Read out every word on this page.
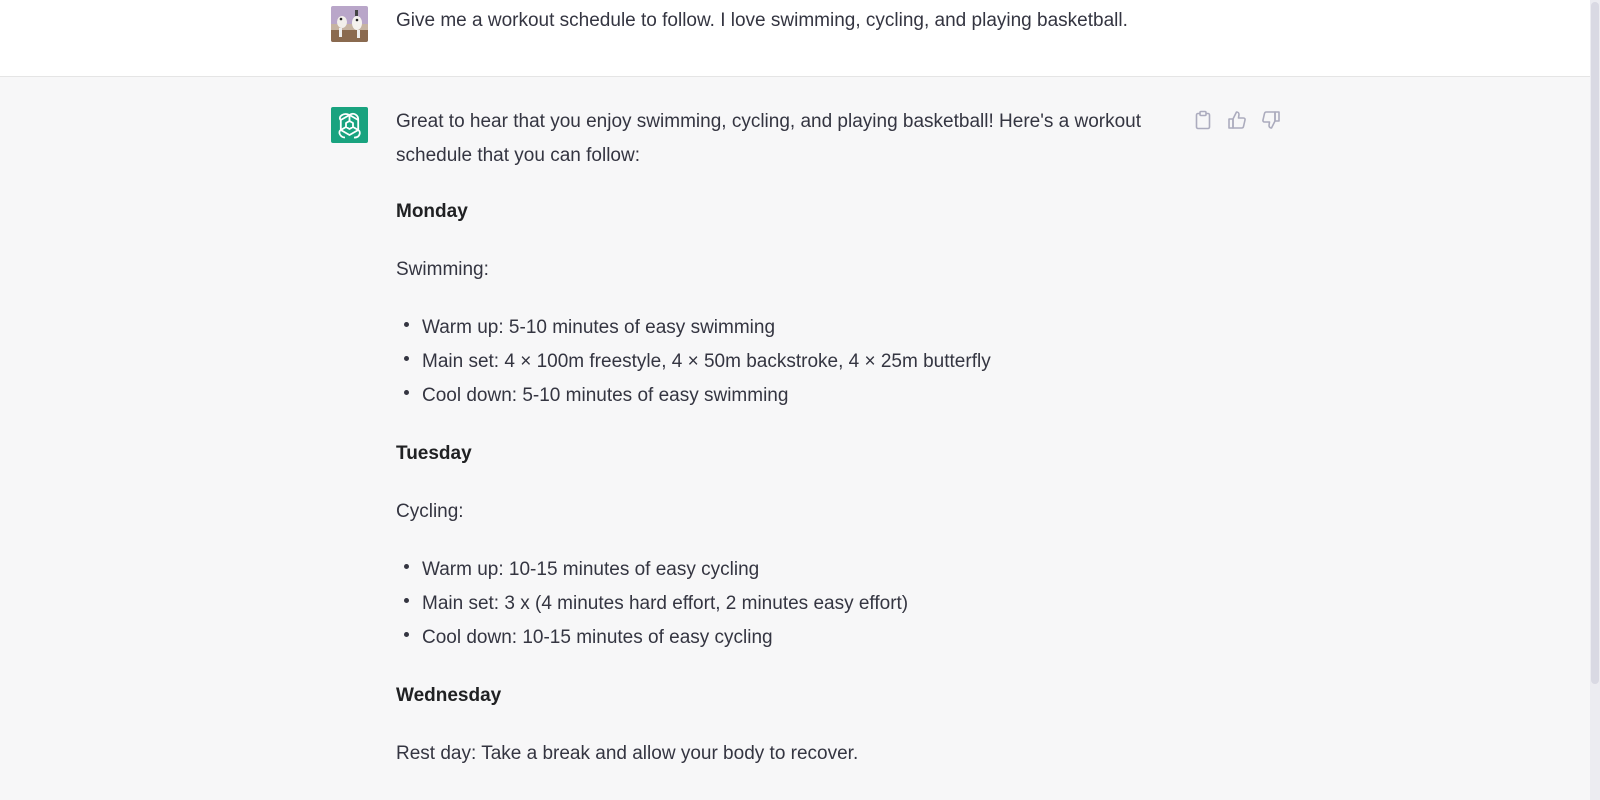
Give me a workout schedule to follow. I love swimming, cycling, and playing basketball.

Great to hear that you enjoy swimming, cycling, and playing basketball! Here's a workout schedule that you can follow:

Monday

Swimming:

Warm up: 5-10 minutes of easy swimming
Main set: 4 × 100m freestyle, 4 × 50m backstroke, 4 × 25m butterfly
Cool down: 5-10 minutes of easy swimming
Tuesday

Cycling:

Warm up: 10-15 minutes of easy cycling
Main set: 3 x (4 minutes hard effort, 2 minutes easy effort)
Cool down: 10-15 minutes of easy cycling
Wednesday

Rest day: Take a break and allow your body to recover.
